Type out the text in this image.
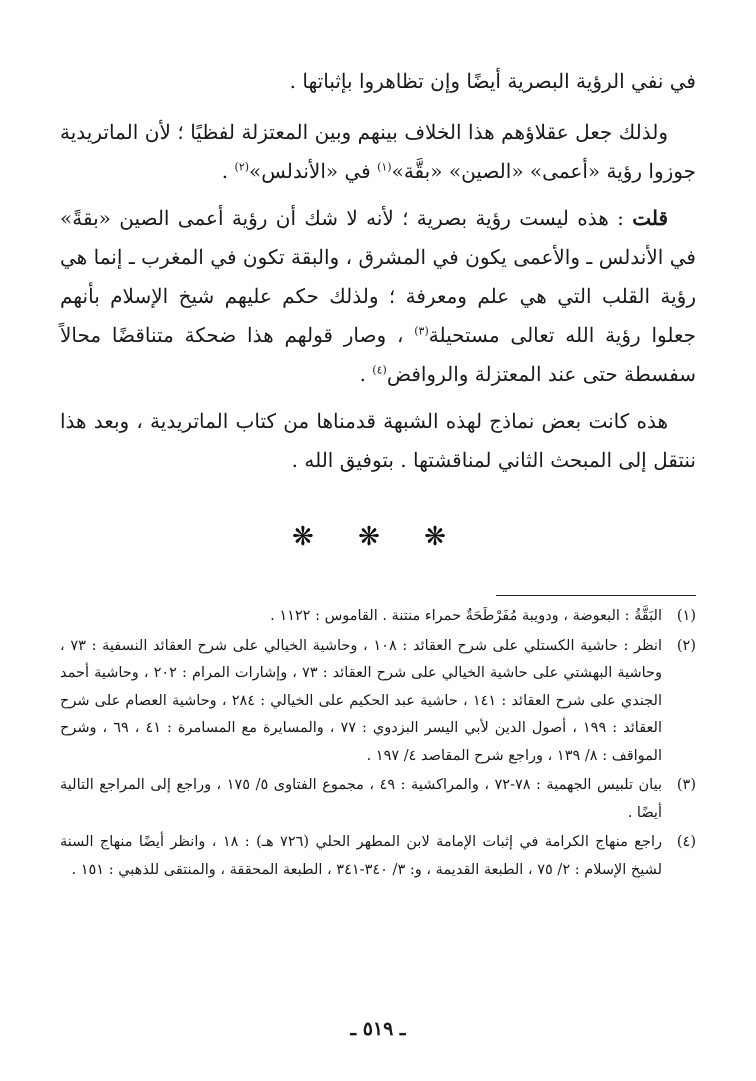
في نفي الرؤية البصرية أيضًا وإن تظاهروا بإثباتها .

ولذلك جعل عقلاؤهم هذا الخلاف بينهم وبين المعتزلة لفظيًا ؛ لأن الماتريدية جوزوا رؤية «أعمى» «الصين» «بقَّة»$^{(١)}$ في «الأندلس»$^{(٢)}$ .

قلت : هذه ليست رؤية بصرية ؛ لأنه لا شك أن رؤية أعمى الصين «بقةً» في الأندلس ـ والأعمى يكون في المشرق ، والبقة تكون في المغرب ـ إنما هي رؤية القلب التي هي علم ومعرفة ؛ ولذلك حكم عليهم شيخ الإسلام بأنهم جعلوا رؤية الله تعالى مستحيلة$^{(٣)}$ ، وصار قولهم هذا ضحكة متناقضًا محالاً سفسطة حتى عند المعتزلة والروافض$^{(٤)}$ .

هذه كانت بعض نماذج لهذه الشبهة قدمناها من كتاب الماتريدية ، وبعد هذا ننتقل إلى المبحث الثاني لمناقشتها . بتوفيق الله .

❋ ❋ ❋
(١)
البَقَّةُ : البعوضة ، ودويبة مُفَرْطَحَةٌ حمراء منتنة . القاموس : ١١٢٢ .
(٢)
انظر : حاشية الكستلي على شرح العقائد : ١٠٨ ، وحاشية الخيالي على شرح العقائد النسفية : ٧٣ ، وحاشية البهشتي على حاشية الخيالي على شرح العقائد : ٧٣ ، وإشارات المرام : ٢٠٢ ، وحاشية أحمد الجندي على شرح العقائد : ١٤١ ، حاشية عبد الحكيم على الخيالي : ٢٨٤ ، وحاشية العصام على شرح العقائد : ١٩٩ ، أصول الدين لأبي اليسر البزدوي : ٧٧ ، والمسايرة مع المسامرة : ٤١ ، ٦٩ ، وشرح المواقف : ٨/ ١٣٩ ، وراجع شرح المقاصد ٤/ ١٩٧ .
(٣)
بيان تلبيس الجهمية : ٧٨-٧٢ ، والمراكشية : ٤٩ ، مجموع الفتاوى ٥/ ١٧٥ ، وراجع إلى المراجع التالية أيضًا .
(٤)
راجع منهاج الكرامة في إثبات الإمامة لابن المطهر الحلي (٧٢٦ هـ) : ١٨ ، وانظر أيضًا منهاج السنة لشيخ الإسلام : ٢/ ٧٥ ، الطبعة القديمة ، و: ٣/ ٣٤٠-٣٤١ ، الطبعة المحققة ، والمنتقى للذهبي : ١٥١ .
ـ ٥١٩ ـ
